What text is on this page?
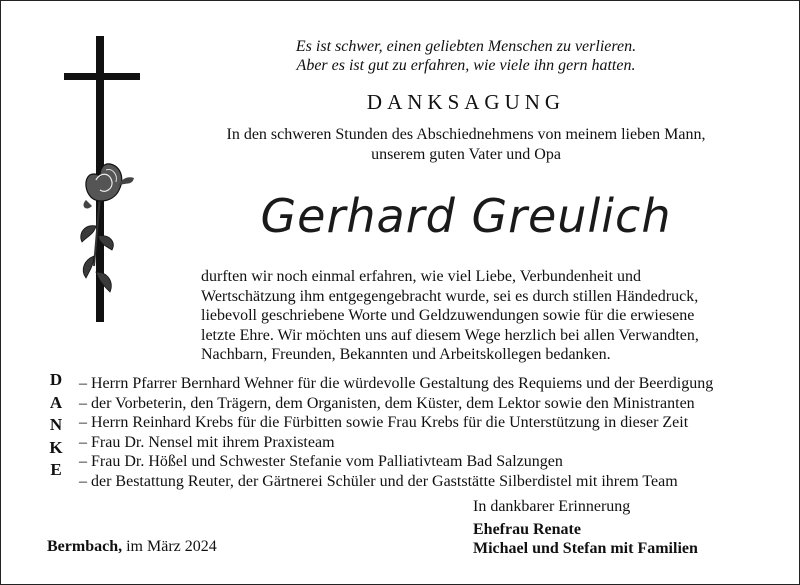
Es ist schwer, einen geliebten Menschen zu verlieren.
Aber es ist gut zu erfahren, wie viele ihn gern hatten.
DANKSAGUNG
In den schweren Stunden des Abschiednehmens von meinem lieben Mann,
unserem guten Vater und Opa
Gerhard Greulich
durften wir noch einmal erfahren, wie viel Liebe, Verbundenheit und
Wertschätzung ihm entgegengebracht wurde, sei es durch stillen Händedruck,
liebevoll geschriebene Worte und Geldzuwendungen sowie für die erwiesene
letzte Ehre. Wir möchten uns auf diesem Wege herzlich bei allen Verwandten,
Nachbarn, Freunden, Bekannten und Arbeitskollegen bedanken.
D
A
N
K
E
– Herrn Pfarrer Bernhard Wehner für die würdevolle Gestaltung des Requiems und der Beerdigung
– der Vorbeterin, den Trägern, dem Organisten, dem Küster, dem Lektor sowie den Ministranten
– Herrn Reinhard Krebs für die Fürbitten sowie Frau Krebs für die Unterstützung in dieser Zeit
– Frau Dr. Nensel mit ihrem Praxisteam
– Frau Dr. Hößel und Schwester Stefanie vom Palliativteam Bad Salzungen
– der Bestattung Reuter, der Gärtnerei Schüler und der Gaststätte Silberdistel mit ihrem Team
In dankbarer Erinnerung
Bermbach, im März 2024
Ehefrau Renate
Michael und Stefan mit Familien
